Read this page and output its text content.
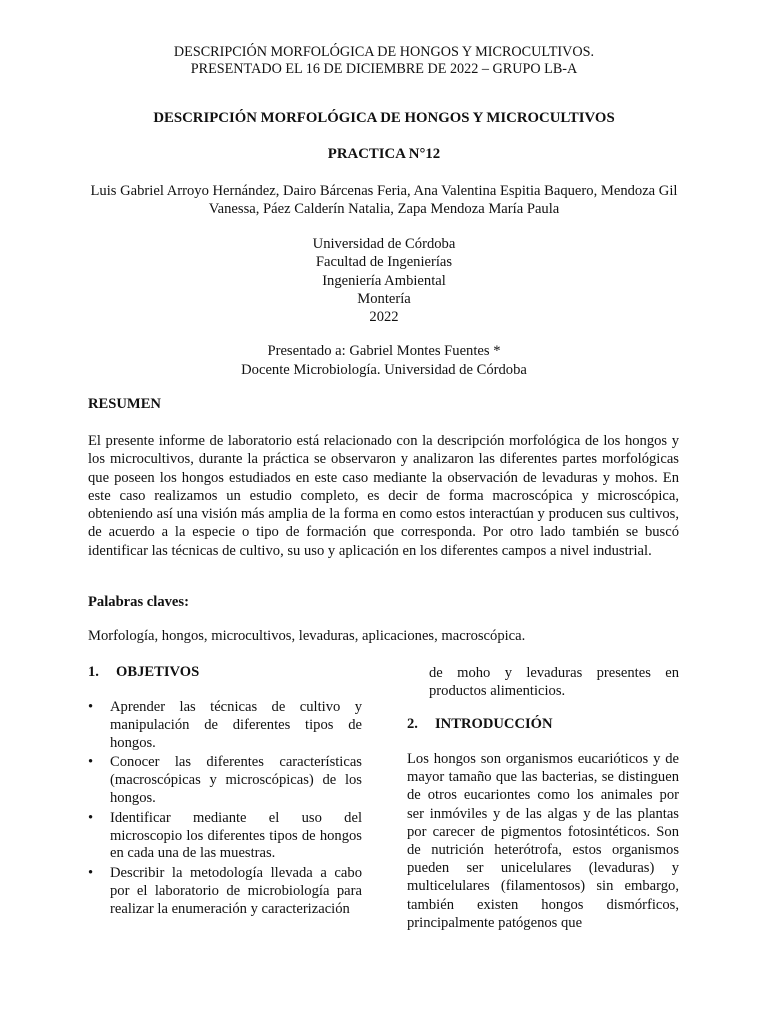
DESCRIPCIÓN MORFOLÓGICA DE HONGOS Y MICROCULTIVOS.
PRESENTADO EL 16 DE DICIEMBRE DE 2022 – GRUPO LB-A
DESCRIPCIÓN MORFOLÓGICA DE HONGOS Y MICROCULTIVOS
PRACTICA N°12
Luis Gabriel Arroyo Hernández, Dairo Bárcenas Feria, Ana Valentina Espitia Baquero, Mendoza Gil Vanessa, Páez Calderín Natalia, Zapa Mendoza María Paula
Universidad de Córdoba
Facultad de Ingenierías
Ingeniería Ambiental
Montería
2022
Presentado a: Gabriel Montes Fuentes *
Docente Microbiología. Universidad de Córdoba
RESUMEN
El presente informe de laboratorio está relacionado con la descripción morfológica de los hongos y los microcultivos, durante la práctica se observaron y analizaron las diferentes partes morfológicas que poseen los hongos estudiados en este caso mediante la observación de levaduras y mohos. En este caso realizamos un estudio completo, es decir de forma macroscópica y microscópica, obteniendo así una visión más amplia de la forma en como estos interactúan y producen sus cultivos, de acuerdo a la especie o tipo de formación que corresponda. Por otro lado también se buscó identificar las técnicas de cultivo, su uso y aplicación en los diferentes campos a nivel industrial.
Palabras claves:
Morfología, hongos, microcultivos, levaduras, aplicaciones, macroscópica.
1.	OBJETIVOS
• Aprender las técnicas de cultivo y manipulación de diferentes tipos de hongos.
• Conocer las diferentes características (macroscópicas y microscópicas) de los hongos.
• Identificar mediante el uso del microscopio los diferentes tipos de hongos en cada una de las muestras.
• Describir la metodología llevada a cabo por el laboratorio de microbiología para realizar la enumeración y caracterización
de moho y levaduras presentes en productos alimenticios.
2.	INTRODUCCIÓN
Los hongos son organismos eucarióticos y de mayor tamaño que las bacterias, se distinguen de otros eucariontes como los animales por ser inmóviles y de las algas y de las plantas por carecer de pigmentos fotosintéticos. Son de nutrición heterótrofa, estos organismos pueden ser unicelulares (levaduras) y multicelulares (filamentosos) sin embargo, también existen hongos dismórficos, principalmente patógenos que
